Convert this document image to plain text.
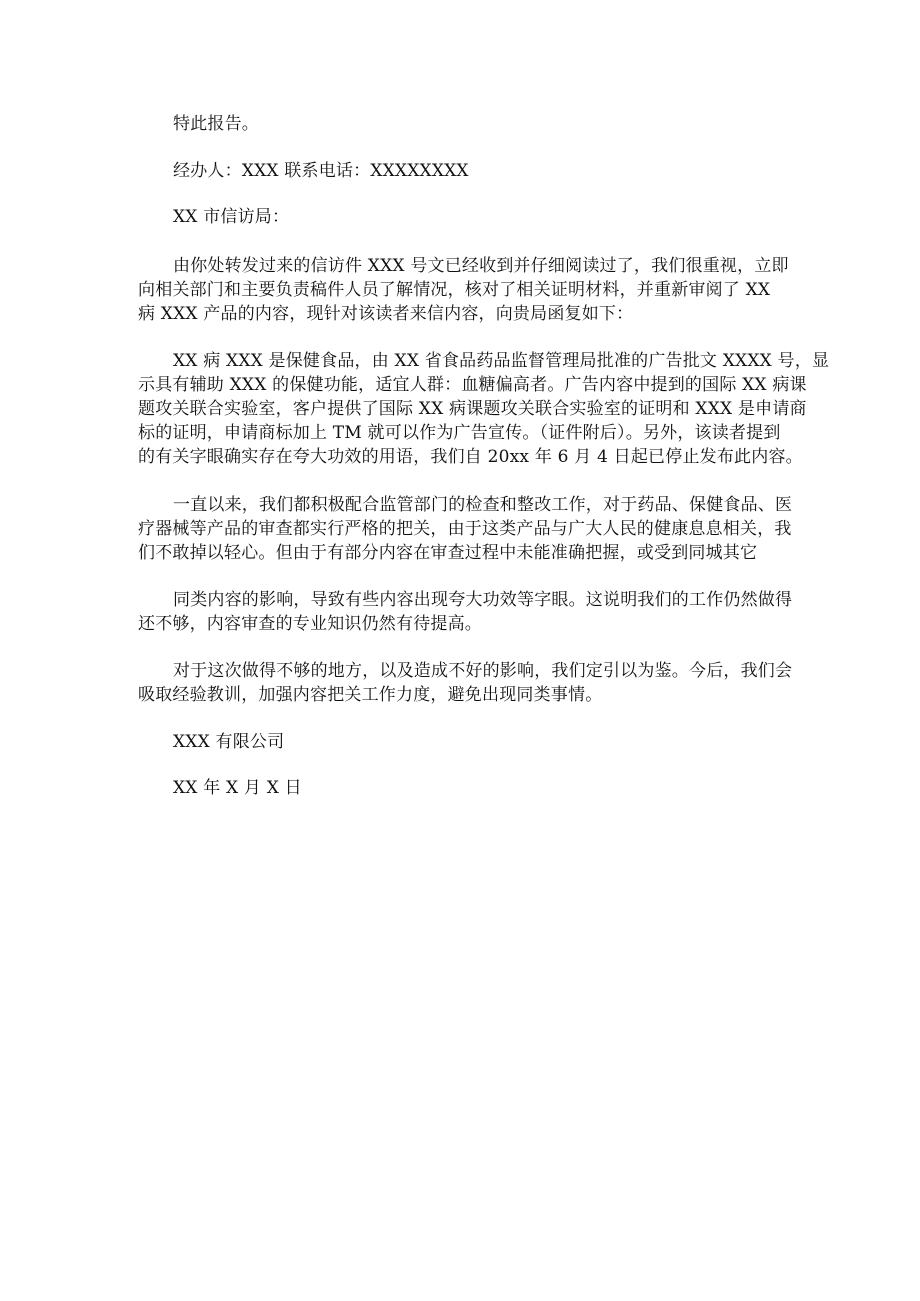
特此报告。
经办人：XXX 联系电话：XXXXXXXX
XX 市信访局：
由你处转发过来的信访件 XXX 号文已经收到并仔细阅读过了，我们很重视，立即
向相关部门和主要负责稿件人员了解情况，核对了相关证明材料，并重新审阅了 XX
病 XXX 产品的内容，现针对该读者来信内容，向贵局函复如下：
XX 病 XXX 是保健食品，由 XX 省食品药品监督管理局批准的广告批文 XXXX 号，显
示具有辅助 XXX 的保健功能，适宜人群：血糖偏高者。广告内容中提到的国际 XX 病课
题攻关联合实验室，客户提供了国际 XX 病课题攻关联合实验室的证明和 XXX 是申请商
标的证明，申请商标加上 TM 就可以作为广告宣传。（证件附后）。另外，该读者提到
的有关字眼确实存在夸大功效的用语，我们自 20xx 年 6 月 4 日起已停止发布此内容。
一直以来，我们都积极配合监管部门的检查和整改工作，对于药品、保健食品、医
疗器械等产品的审查都实行严格的把关，由于这类产品与广大人民的健康息息相关，我
们不敢掉以轻心。但由于有部分内容在审查过程中未能准确把握，或受到同城其它
同类内容的影响，导致有些内容出现夸大功效等字眼。这说明我们的工作仍然做得
还不够，内容审查的专业知识仍然有待提高。
对于这次做得不够的地方，以及造成不好的影响，我们定引以为鉴。今后，我们会
吸取经验教训，加强内容把关工作力度，避免出现同类事情。
XXX 有限公司
XX 年 X 月 X 日
